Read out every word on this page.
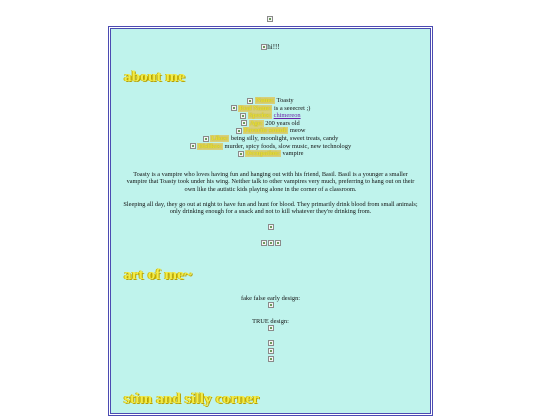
hi!!!
about me
Name: Toasty
Real Name: is a seeecret ;)
Species: chimereon
Age: 200 years old
Favorite sound: meow
Likes: being silly, moonlight, sweet treats, candy
Dislikes: murder, spicy foods, slow music, new technology
Occupation: vampire

Toasty is a vampire who loves having fun and hanging out with his friend, Basil. Basil is a younger a smaller vampire that Toasty took under his wing. Neither talk to other vampires very much, preferring to hang out on their own like the autistic kids playing alone in the corner of a classroom.

Sleeping all day, they go out at night to have fun and hunt for blood. They primarily drink blood from small animals; only drinking enough for a snack and not to kill whatever they're drinking from.

art of me~
fake false early design:
TRUE design:
stim and silly corner
